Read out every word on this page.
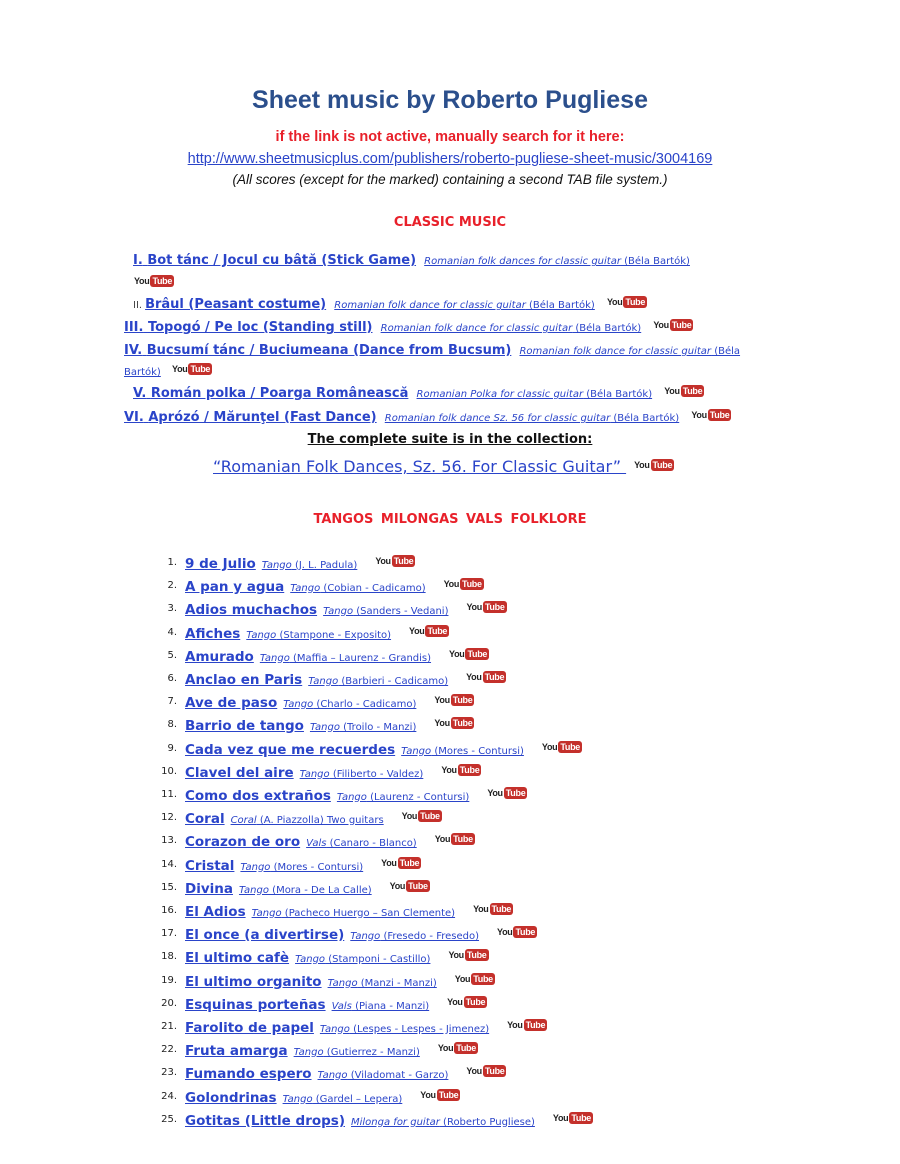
Sheet music by Roberto Pugliese
if the link is not active, manually search for it here:
http://www.sheetmusicplus.com/publishers/roberto-pugliese-sheet-music/3004169
(All scores (except for the marked) containing a second TAB file system.)
CLASSIC MUSIC
I. Bot tánc / Jocul cu bâtă (Stick Game) Romanian folk dances for classic guitar (Béla Bartók)
You Tube
II. Brâul (Peasant costume) Romanian folk dance for classic guitar (Béla Bartók) You Tube
III. Topogó / Pe loc (Standing still) Romanian folk dance for classic guitar (Béla Bartók) You Tube
IV. Bucsumí tánc / Buciumeana (Dance from Bucsum) Romanian folk dance for classic guitar (Béla
Bartók) You Tube
V. Román polka / Poarga Românească Romanian Polka for classic guitar (Béla Bartók) You Tube
VI. Aprózó / Mărunţel (Fast Dance) Romanian folk dance Sz. 56 for classic guitar (Béla Bartók) You Tube
The complete suite is in the collection:
“Romanian Folk Dances, Sz. 56. For Classic Guitar” You Tube
TANGOS MILONGAS VALS FOLKLORE
1. 9 de Julio Tango (J. L. Padula) You Tube
2. A pan y agua Tango (Cobian - Cadicamo) You Tube
3. Adios muchachos Tango (Sanders - Vedani) You Tube
4. Afiches Tango (Stampone - Exposito) You Tube
5. Amurado Tango (Maffia – Laurenz - Grandis) You Tube
6. Anclao en Paris Tango (Barbieri - Cadicamo) You Tube
7. Ave de paso Tango (Charlo - Cadicamo) You Tube
8. Barrio de tango Tango (Troilo - Manzi) You Tube
9. Cada vez que me recuerdes Tango (Mores - Contursi) You Tube
10. Clavel del aire Tango (Filiberto - Valdez) You Tube
11. Como dos extraños Tango (Laurenz - Contursi) You Tube
12. Coral Coral (A. Piazzolla) Two guitars You Tube
13. Corazon de oro Vals (Canaro - Blanco) You Tube
14. Cristal Tango (Mores - Contursi) You Tube
15. Divina Tango (Mora - De La Calle) You Tube
16. El Adios Tango (Pacheco Huergo – San Clemente) You Tube
17. El once (a divertirse) Tango (Fresedo - Fresedo) You Tube
18. El ultimo cafè Tango (Stamponi - Castillo) You Tube
19. El ultimo organito Tango (Manzi - Manzi) You Tube
20. Esquinas porteñas Vals (Piana - Manzi) You Tube
21. Farolito de papel Tango (Lespes - Lespes - Jimenez) You Tube
22. Fruta amarga Tango (Gutierrez - Manzi) You Tube
23. Fumando espero Tango (Viladomat - Garzo) You Tube
24. Golondrinas Tango (Gardel – Lepera) You Tube
25. Gotitas (Little drops) Milonga for guitar (Roberto Pugliese) You Tube
